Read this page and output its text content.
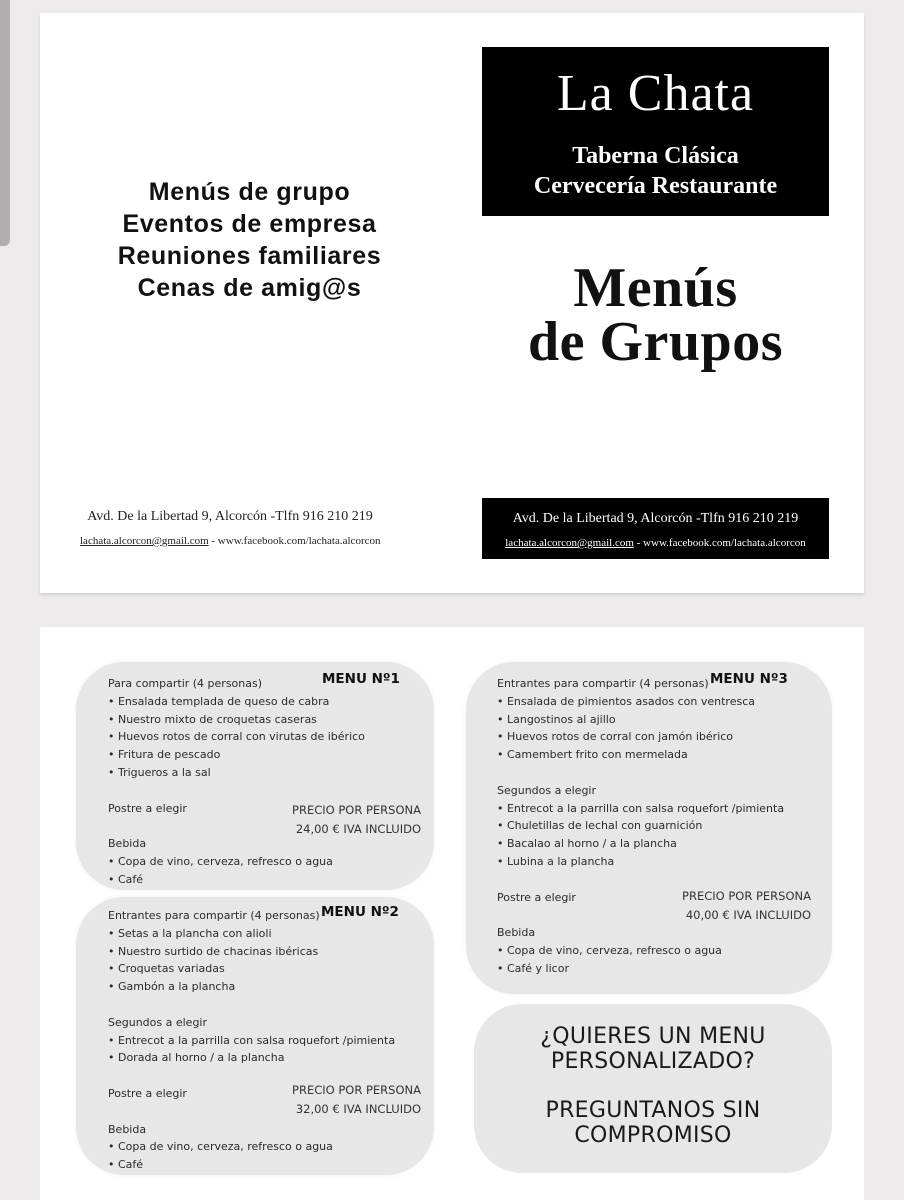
Menús de grupo
Eventos de empresa
Reuniones familiares
Cenas de amig@s
La Chata
Taberna Clásica
Cervecería Restaurante
Menús
de Grupos
Avd. De la Libertad 9, Alcorcón -Tlfn 916 210 219
lachata.alcorcon@gmail.com - www.facebook.com/lachata.alcorcon
Avd. De la Libertad 9, Alcorcón -Tlfn 916 210 219
lachata.alcorcon@gmail.com - www.facebook.com/lachata.alcorcon
MENU Nº1
Para compartir (4 personas)
• Ensalada templada de queso de cabra
• Nuestro mixto de croquetas caseras
• Huevos rotos de corral con virutas de ibérico
• Fritura de pescado
• Trigueros a la sal
Postre a elegir
Bebida
• Copa de vino, cerveza, refresco o agua
• Café
PRECIO POR PERSONA
24,00 € IVA INCLUIDO
MENU Nº2
Entrantes para compartir (4 personas)
• Setas a la plancha con alioli
• Nuestro surtido de chacinas ibéricas
• Croquetas variadas
• Gambón a la plancha
Segundos a elegir
• Entrecot a la parrilla con salsa roquefort /pimienta
• Dorada al horno / a la plancha
Postre a elegir
Bebida
• Copa de vino, cerveza, refresco o agua
• Café
PRECIO POR PERSONA
32,00 € IVA INCLUIDO
MENU Nº3
Entrantes para compartir (4 personas)
• Ensalada de pimientos asados con ventresca
• Langostinos al ajillo
• Huevos rotos de corral con jamón ibérico
• Camembert frito con mermelada
Segundos a elegir
• Entrecot a la parrilla con salsa roquefort /pimienta
• Chuletillas de lechal con guarnición
• Bacalao al horno / a la plancha
• Lubina a la plancha
Postre a elegir
Bebida
• Copa de vino, cerveza, refresco o agua
• Café y licor
PRECIO POR PERSONA
40,00 € IVA INCLUIDO
¿QUIERES UN MENU
PERSONALIZADO?
PREGUNTANOS SIN
COMPROMISO
